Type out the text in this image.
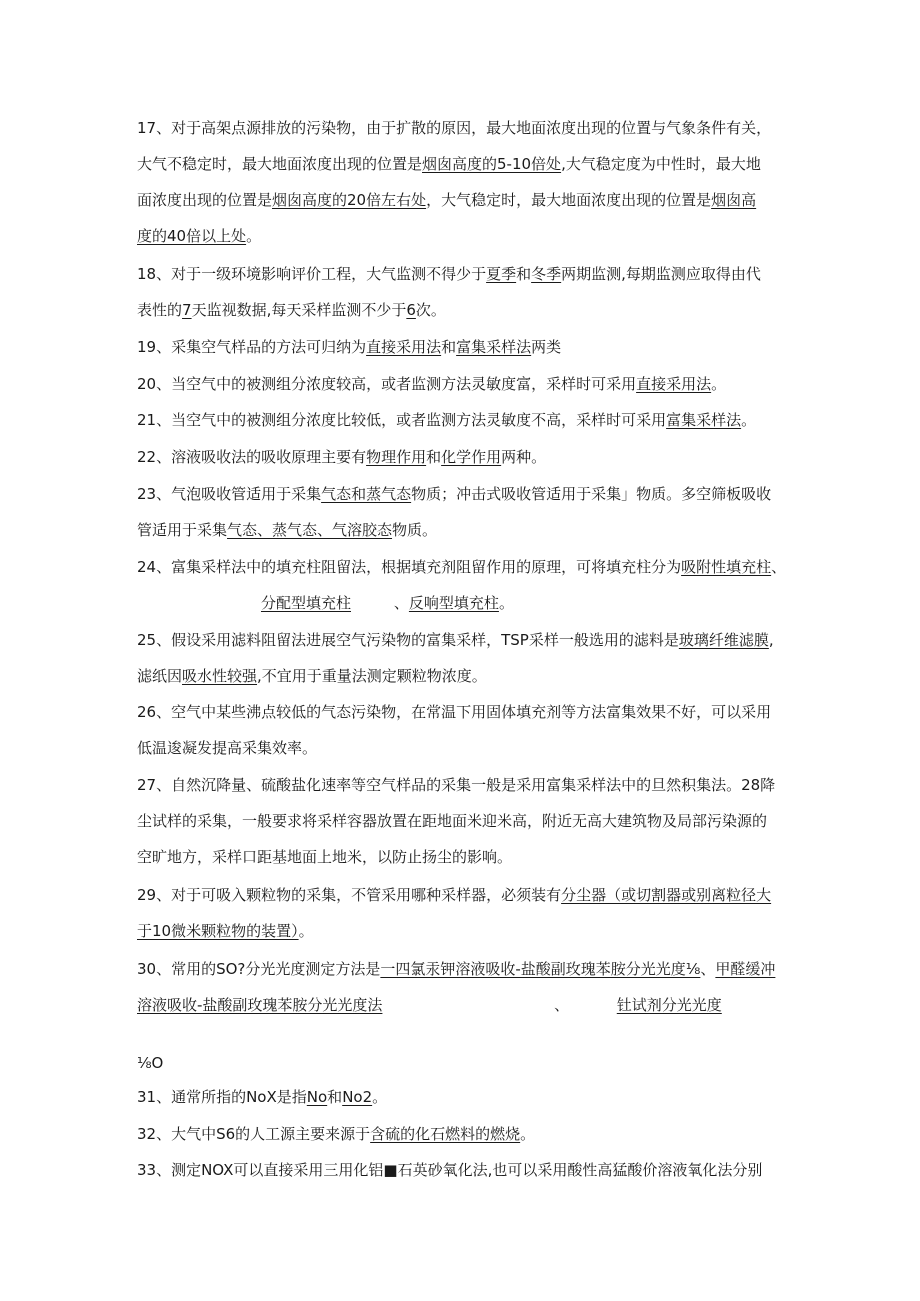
17、对于高架点源排放的污染物，由于扩散的原因，最大地面浓度出现的位置与气象条件有关，

大气不稳定时，最大地面浓度出现的位置是烟囱高度的5-10倍处,大气稳定度为中性时，最大地

面浓度出现的位置是烟囱高度的20倍左右处，大气稳定时，最大地面浓度出现的位置是烟囱高

度的40倍以上处。

18、对于一级环境影响评价工程，大气监测不得少于夏季和冬季两期监测,每期监测应取得由代

表性的7天监视数据,每天采样监测不少于6次。

19、采集空气样品的方法可归纳为直接采用法和富集采样法两类

20、当空气中的被测组分浓度较高，或者监测方法灵敏度富，采样时可采用直接采用法。

21、当空气中的被测组分浓度比较低，或者监测方法灵敏度不高，采样时可采用富集采样法。

22、溶液吸收法的吸收原理主要有物理作用和化学作用两种。

23、气泡吸收管适用于采集气态和蒸气态物质；冲击式吸收管适用于采集」物质。多空筛板吸收

管适用于采集气态、蒸气态、气溶胶态物质。

24、富集采样法中的填充柱阻留法，根据填充剂阻留作用的原理，可将填充柱分为吸附性填充柱、

分配型填充柱         、反响型填充柱。

25、假设采用滤料阻留法进展空气污染物的富集采样，TSP采样一般选用的滤料是玻璃纤维滤膜,

滤纸因吸水性较强,不宜用于重量法测定颗粒物浓度。

26、空气中某些沸点较低的气态污染物，在常温下用固体填充剂等方法富集效果不好，可以采用

低温逡凝发提高采集效率。

27、自然沉降量、硫酸盐化速率等空气样品的采集一般是采用富集采样法中的旦然积集法。28降

尘试样的采集，一般要求将采样容器放置在距地面米迎米高，附近无高大建筑物及局部污染源的

空旷地方，采样口距基地面上地米，以防止扬尘的影响。

29、对于可吸入颗粒物的采集，不管采用哪种采样器，必须装有分尘器（或切割器或别离粒径大

于10微米颗粒物的装置）。

30、常用的SO?分光光度测定方法是一四氯汞钾溶液吸收-盐酸副玫瑰苯胺分光光度⅛、甲醛缓冲

溶液吸收-盐酸副玫瑰苯胺分光光度法                                    、          钍试剂分光光度

⅛O

31、通常所指的NoX是指No和No2。

32、大气中S6的人工源主要来源于含硫的化石燃料的燃烧。

33、测定NOX可以直接采用三用化铝■石英砂氧化法,也可以采用酸性高猛酸价溶液氧化法分别
